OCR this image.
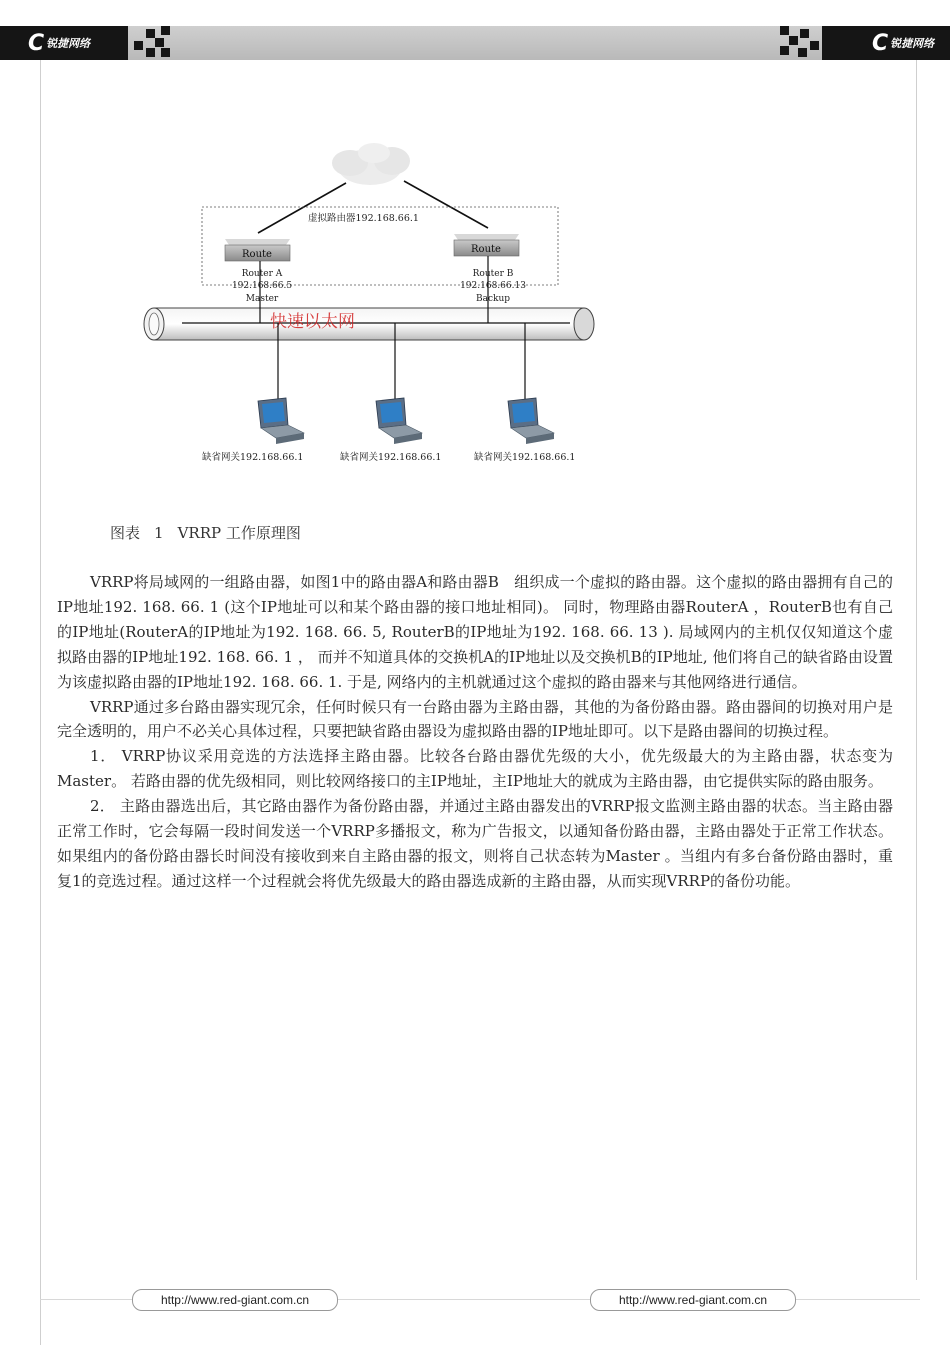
C 锐捷网络	C 锐捷网络
虚拟路由器192.168.66.1
Route
Router A
192.168.66.5
Master
Route
Router B
192.168.66.13
Backup
快速以太网
缺省网关192.168.66.1	缺省网关192.168.66.1	缺省网关192.168.66.1
图表 1 VRRP 工作原理图

VRRP将局域网的一组路由器，如图1中的路由器A和路由器B　组织成一个虚拟的路由器。这个虚拟的路由器拥有自己的IP地址192. 168. 66. 1 (这个IP地址可以和某个路由器的接口地址相同)。 同时，物理路由器RouterA ，RouterB也有自己的IP地址(RouterA的IP地址为192. 168. 66. 5, RouterB的IP地址为192. 168. 66. 13 ). 局域网内的主机仅仅知道这个虚拟路由器的IP地址192. 168. 66. 1 ， 而并不知道具体的交换机A的IP地址以及交换机B的IP地址, 他们将自己的缺省路由设置为该虚拟路由器的IP地址192. 168. 66. 1. 于是, 网络内的主机就通过这个虚拟的路由器来与其他网络进行通信。

VRRP通过多台路由器实现冗余，任何时候只有一台路由器为主路由器，其他的为备份路由器。路由器间的切换对用户是完全透明的，用户不必关心具体过程，只要把缺省路由器设为虚拟路由器的IP地址即可。以下是路由器间的切换过程。

1． VRRP协议采用竞选的方法选择主路由器。比较各台路由器优先级的大小，优先级最大的为主路由器，状态变为Master。 若路由器的优先级相同，则比较网络接口的主IP地址，主IP地址大的就成为主路由器，由它提供实际的路由服务。

2． 主路由器选出后，其它路由器作为备份路由器，并通过主路由器发出的VRRP报文监测主路由器的状态。当主路由器正常工作时，它会每隔一段时间发送一个VRRP多播报文，称为广告报文，以通知备份路由器，主路由器处于正常工作状态。如果组内的备份路由器长时间没有接收到来自主路由器的报文，则将自己状态转为Master 。当组内有多台备份路由器时，重复1的竞选过程。通过这样一个过程就会将优先级最大的路由器选成新的主路由器，从而实现VRRP的备份功能。

http://www.red-giant.com.cn	http://www.red-giant.com.cn
